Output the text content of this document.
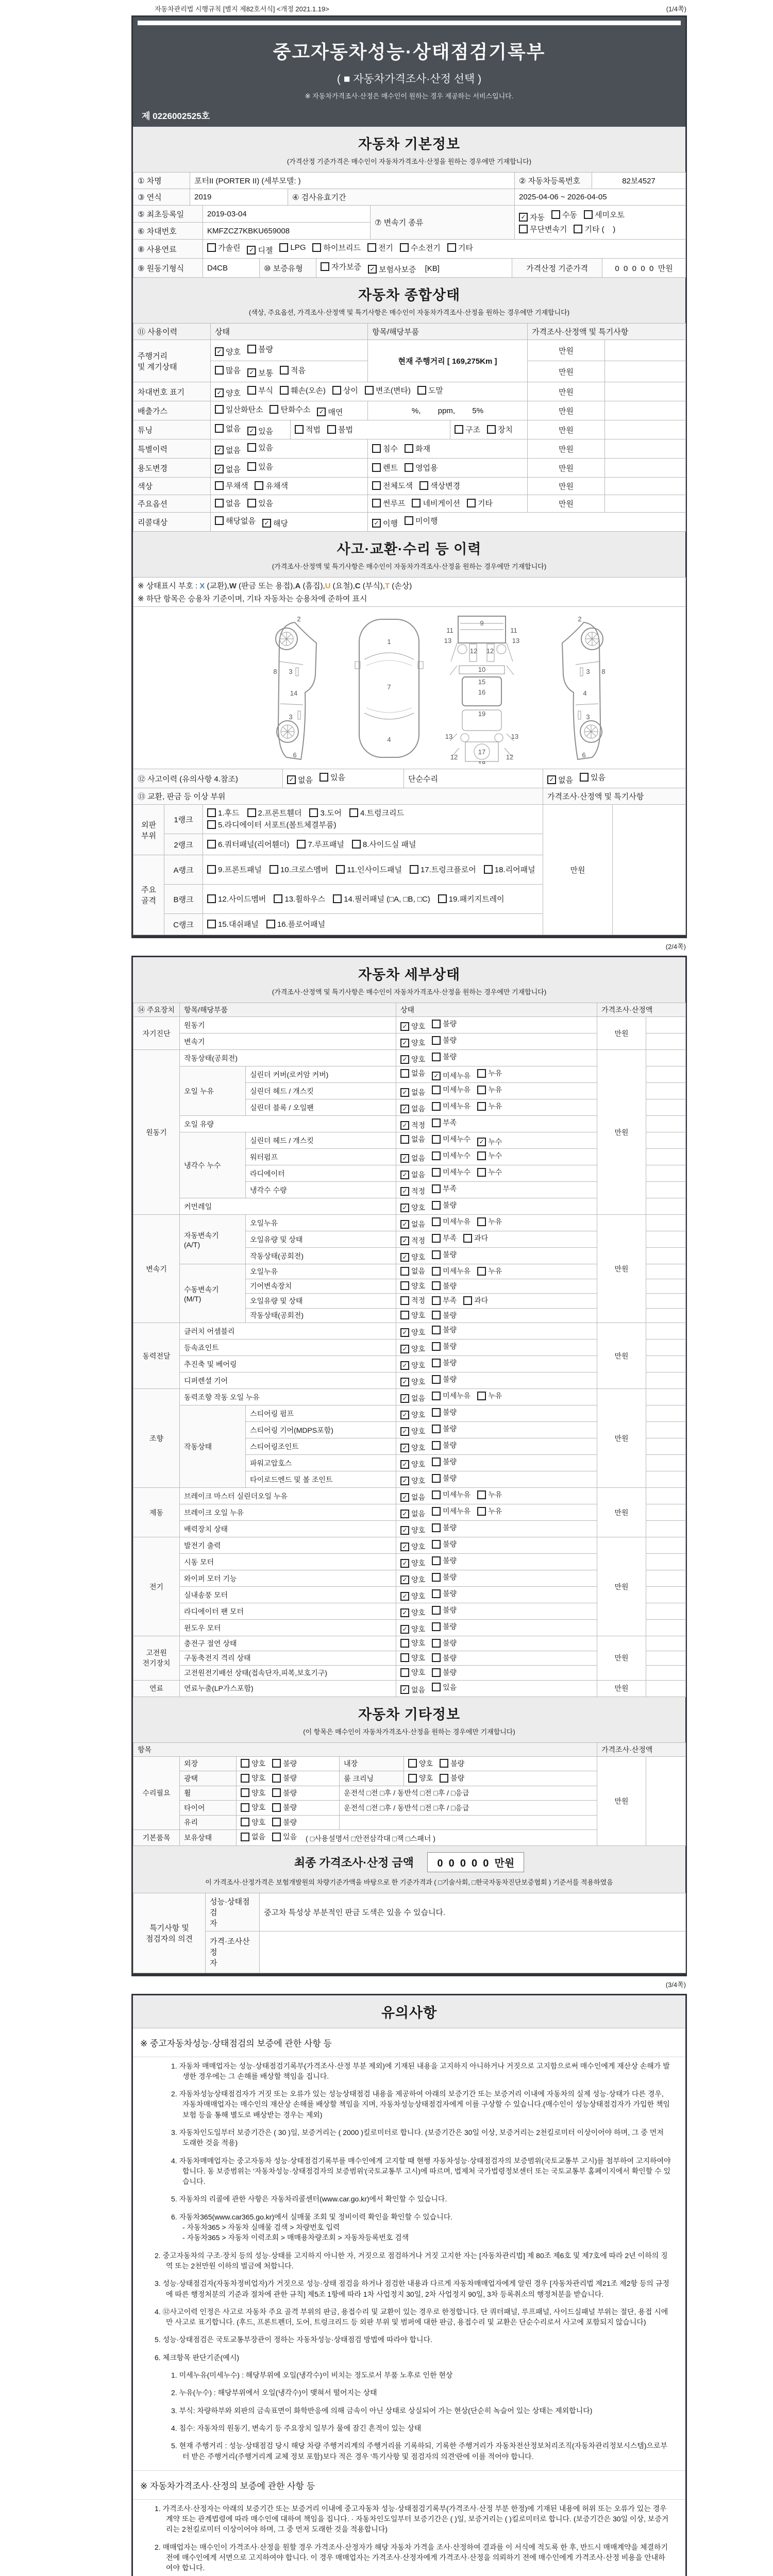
자동차관리법 시행규칙 [별지 제82호서식] <개정 2021.1.19>	(1/4쪽)
중고자동차성능·상태점검기록부
( ■ 자동차가격조사·산정 선택 )
※ 자동차가격조사·산정은 매수인이 원하는 경우 제공하는 서비스입니다.
제 0226002525호
자동차 기본정보
(가격산정 기준가격은 매수인이 자동차가격조사·산정을 원하는 경우에만 기재합니다)
① 차명	포터II (PORTER II) (세부모델: )	② 자동차등록번호	82보4527
③ 연식	2019	④ 검사유효기간	2025-04-06 ~ 2026-04-05
⑤ 최초등록일	2019-03-04	⑦ 변속기 종류	
✓ 자동 수동 세미오토
무단변속기 기타 (    )

⑥ 차대번호	KMFZCZ7KBKU659008		
⑧ 사용연료	가솔린 ✓ 디젤 LPG 하이브리드 전기 수소전기 기타
⑨ 원동기형식	D4CB	⑩ 보증유형	자가보증 ✓ 보험사보증 [KB]	가격산정 기준가격	0  0  0  0  0  만원
자동차 종합상태
(색상, 주요옵션, 가격조사·산정액 및 특기사항은 매수인이 자동차가격조사·산정을 원하는 경우에만 기재합니다)
⑪ 사용이력	상태	항목/해당부품	가격조사·산정액 및 특기사항
주행거리
및 계기상태	✓ 양호 불량	현재 주행거리 [ 169,275Km ]	만원	

	많음 ✓ 보통 적음		만원	
차대번호 표기	✓ 양호 부식 훼손(오손) 상이 변조(변타) 도말	만원	
배출가스	일산화탄소 탄화수소 ✓ 매연	%,        ppm,        5%	만원	
튜닝	없음 ✓ 있음	적법 불법	구조 장치	만원	
특별이력	✓ 없음 있음	침수 화재	만원	
용도변경	✓ 없음 있음	렌트 영업용	만원	
색상	무채색 유채색	전체도색 색상변경	만원	
주요옵션	없음 있음	썬루프 네비게이션 기타	만원	
리콜대상	해당없음 ✓ 해당	✓ 이행 미이행
사고·교환·수리 등 이력
(가격조사·산정액 및 특기사항은 매수인이 자동차가격조사·산정을 원하는 경우에만 기재합니다)
※ 상태표시 부호 : X (교환),W (판금 또는 용접),A (흠집),U (요철),C (부식),T (손상)
※ 하단 항목은 승용차 기준이며, 기타 자동차는 승용차에 준하여 표시
2
8 3
14
3
6
1
7
4
11	11
9
12 12
13	13
10
15
16
19
13	13
12	12
17
18
2
8
3
4
3
6
⑫ 사고이력 (유의사항 4.참조)	✓ 없음 있음	단순수리	✓ 없음 있음
⑬ 교환, 판금 등 이상 부위	가격조사·산정액 및 특기사항
외판
부위	1랭크	1.후드 2.프론트휀더 3.도어 4.트렁크리드
5.라디에이터 서포트(볼트체결부품)	만원	
	2랭크	6.쿼터패널(리어휀더) 7.루프패널 8.사이드실 패널		

주요
골격	A랭크	9.프론트패널 10.크로스멤버 11.인사이드패널 17.트렁크플로어 18.리어패널		

	B랭크	12.사이드멤버 13.휠하우스 14.필러패널 (□A, □B, □C) 19.패키지트레이		

	C랭크	15.대쉬패널 16.플로어패널		
(2/4쪽)
자동차 세부상태
(가격조사·산정액 및 특기사항은 매수인이 자동차가격조사·산정을 원하는 경우에만 기재합니다)
⑭ 주요장치	항목/해당부품	상태	가격조사·산정액
자기진단	원동기		✓ 양호 불량	만원	
	변속기		✓ 양호 불량		

원동기	작동상태(공회전)		✓ 양호 불량	만원	
	오일 누유	실린더 커버(로커암 커버)	없음 ✓ 미세누유 누유		

		실린더 헤드 / 개스킷	✓ 없음 미세누유 누유		

		실린더 블록 / 오일팬	✓ 없음 미세누유 누유		

	오일 유량		✓ 적정 부족		

	냉각수 누수	실린더 헤드 / 개스킷	없음 미세누수 ✓ 누수		

		워터펌프	✓ 없음 미세누수 누수		

		라디에이터	✓ 없음 미세누수 누수		

		냉각수 수량	✓ 적정 부족		

	커먼레일		✓ 양호 불량		

변속기	자동변속기
(A/T)	오일누유	✓ 없음 미세누유 누유	만원	
		오일유량 및 상태	✓ 적정 부족 과다		

		작동상태(공회전)	✓ 양호 불량		

	수동변속기
(M/T)	오일누유	없음 미세누유 누유		

		기어변속장치	양호 불량		

		오일유량 및 상태	적정 부족 과다		

		작동상태(공회전)	양호 불량		

동력전달	클러치 어셈블리		✓ 양호 불량	만원	
	등속죠인트		✓ 양호 불량		

	추진축 및 베어링		✓ 양호 불량		

	디퍼렌셜 기어		✓ 양호 불량		

조향	동력조향 작동 오일 누유		✓ 없음 미세누유 누유	만원	
	작동상태	스티어링 펌프	✓ 양호 불량		

		스티어링 기어(MDPS포함)	✓ 양호 불량		

		스티어링조인트	✓ 양호 불량		

		파워고압호스	✓ 양호 불량		

		타이로드엔드 및 볼 조인트	✓ 양호 불량		

제동	브레이크 마스터 실린더오일 누유		✓ 없음 미세누유 누유	만원	
	브레이크 오일 누유		✓ 없음 미세누유 누유		

	배력장치 상태		✓ 양호 불량		

전기	발전기 출력		✓ 양호 불량	만원	
	시동 모터		✓ 양호 불량		

	와이퍼 모터 기능		✓ 양호 불량		

	실내송풍 모터		✓ 양호 불량		

	라디에이터 팬 모터		✓ 양호 불량		

	윈도우 모터		✓ 양호 불량		

고전원
전기장치	충전구 절연 상태		양호 불량	만원	
	구동축전지 격리 상태		양호 불량		

	고전원전기배선 상태(접속단자,피복,보호기구)		양호 불량		

연료	연료누출(LP가스포함)		✓ 없음 있음	만원	
자동차 기타정보
(이 항목은 매수인이 자동차가격조사·산정을 원하는 경우에만 기재합니다)
항목	가격조사·산정액
수리필요	외장	양호 불량	내장	양호 불량	만원	
	광택	양호 불량	룸 크리닝	양호 불량		

	휠	양호 불량	운전석 □전 □후 / 동반석 □전 □후 / □응급			
	타이어	양호 불량	운전석 □전 □후 / 동반석 □전 □후 / □응급			
	유리	양호 불량				

기본품목	보유상태	없음 있음 ( □사용설명서 □안전삼각대 □잭 □스패너 )				
최종 가격조사·산정 금액 0  0  0  0  0  만원
이 가격조사·산정가격은 보험개발원의 차량기준가액을 바탕으로 한 기준가격과 ( □기술사회, □한국자동차진단보증협회 ) 기준서를 적용하였음
특기사항 및
점검자의 의견	성능·상태점검
자	중고차 특성상 부분적인 판금 도색은 있을 수 있습니다.
	가격·조사산정
자	
(3/4쪽)
유의사항
※ 중고자동차성능·상태점검의 보증에 관한 사항 등
1. 자동차 매매업자는 성능·상태점검기록부(가격조사·산정 부분 제외)에 기재된 내용을 고지하지 아니하거나 거짓으로 고지함으로써 매수인에게 재산상 손해가 발생한 경우에는 그 손해를 배상할 책임을 집니다.
2. 자동차성능상태점검자가 거짓 또는 오류가 있는 성능상태점검 내용을 제공하여 아래의 보증기간 또는 보증거리 이내에 자동차의 실제 성능·상태가 다른 경우, 자동차매매업자는 매수인의 재산상 손해를 배상할 책임을 지며, 자동차성능상태점검자에게 이를 구상할 수 있습니다.(매수인이 성능상태점검자가 가입한 책임보험 등을 통해 별도로 배상받는 경우는 제외)
3. 자동차인도일부터 보증기간은 ( 30 )일, 보증거리는 ( 2000 )킬로미터로 합니다. (보증기간은 30일 이상, 보증거리는 2천킬로미터 이상이어야 하며, 그 중 먼저 도래한 것을 적용)
4. 자동차매매업자는 중고자동차 성능·상태점검기록부를 매수인에게 고지할 때 현행 자동차성능·상태점검자의 보증범위(국토교통부 고시)를 첨부하여 고지하여야 합니다. 동 보증범위는 '자동차성능·상태점검자의 보증범위'(국토교통부 고시)에 따르며, 법제처 국가법령정보센터 또는 국토교통부 홈페이지에서 확인할 수 있습니다.
5. 자동차의 리콜에 관한 사항은 자동차리콜센터(www.car.go.kr)에서 확인할 수 있습니다.
6. 자동차365(www.car365.go.kr)에서 실매물 조회 및 정비이력 확인을 확인할 수 있습니다.
- 자동차365 > 자동차 실매물 검색 > 차량번호 입력
- 자동차365 > 자동차 이력조회 > 매매용차량조회 > 자동차등록번호 검색
2. 중고자동차의 구조·장치 등의 성능·상태를 고지하지 아니한 자, 거짓으로 점검하거나 거짓 고지한 자는 [자동차관리법] 제 80조 제6호 및 제7호에 따라 2년 이하의 징역 또는 2천만원 이하의 벌금에 처합니다.
3. 성능·상태점검자(자동차정비업자)가 거짓으로 성능·상태 점검을 하거나 점검한 내용과 다르게 자동차매매업자에게 알린 경우 [자동차관리법 제21조 제2항 등의 규정에 따른 행정처분의 기준과 절차에 관한 규칙] 제5조 1항에 따라 1차 사업정지 30일, 2차 사업정지 90일, 3차 등록취소의 행정처분을 받습니다.
4. ⑫사고이력 인정은 사고로 자동차 주요 골격 부위의 판금, 용접수리 및 교환이 있는 경우로 한정합니다. 단 쿼터패널, 루프패널, 사이드실패널 부위는 절단, 용접 시에만 사고로 표기합니다. (후드, 프론트펜더, 도어, 트렁크리드 등 외판 부위 및 범퍼에 대한 판금, 용접수리 및 교환은 단순수리로서 사고에 포함되지 않습니다)
5. 성능·상태점검은 국토교통부장관이 정하는 자동차성능·상태점검 방법에 따라야 합니다.
6. 체크항목 판단기준(예시)
1. 미세누유(미세누수) : 해당부위에 오일(냉각수)이 비치는 정도로서 부품 노후로 인한 현상
2. 누유(누수) : 해당부위에서 오일(냉각수)이 맺혀서 떨어지는 상태
3. 부식: 차량하부와 외판의 금속표면이 화학반응에 의해 금속이 아닌 상태로 상실되어 가는 현상(단순히 녹슬어 있는 상태는 제외합니다)
4. 침수: 자동차의 원동기, 변속기 등 주요장치 일부가 물에 잠긴 흔적이 있는 상태
5. 현재 주행거리 : 성능·상태점검 당시 해당 차량 주행거리계의 주행거리를 기록하되, 기록한 주행거리가 자동차전산정보처리조직(자동차관리정보시스템)으로부터 받은 주행거리(주행거리계 교체 정보 포함)보다 적은 경우 '특기사항 및 점검자의 의견'란에 이를 적어야 합니다.
※ 자동차가격조사·산정의 보증에 관한 사항 등
1. 가격조사·산정자는 아래의 보증기간 또는 보증거리 이내에 중고자동차 성능·상태점검기록부(가격조사·산정 부분 한정)에 기재된 내용에 허위 또는 오류가 있는 경우 계약 또는 관계법령에 따라 매수인에 대하여 책임을 집니다. · 자동차인도일부터 보증기간은 ( )일, 보증거리는 ( )킬로미터로 합니다. (보증기간은 30일 이상, 보증거리는 2천킬로미터 이상이어야 하며, 그 중 먼저 도래한 것을 적용합니다)
2. 매매업자는 매수인이 가격조사·산정을 원할 경우 가격조사·산정자가 해당 자동차 가격을 조사·산정하여 결과를 이 서식에 적도록 한 후, 반드시 매매계약을 체결하기 전에 매수인에게 서면으로 고지하여야 합니다. 이 경우 매매업자는 가격조사·산정자에게 가격조사·산정을 의뢰하기 전에 매수인에게 가격조사·산정 비용을 안내하여야 합니다.
